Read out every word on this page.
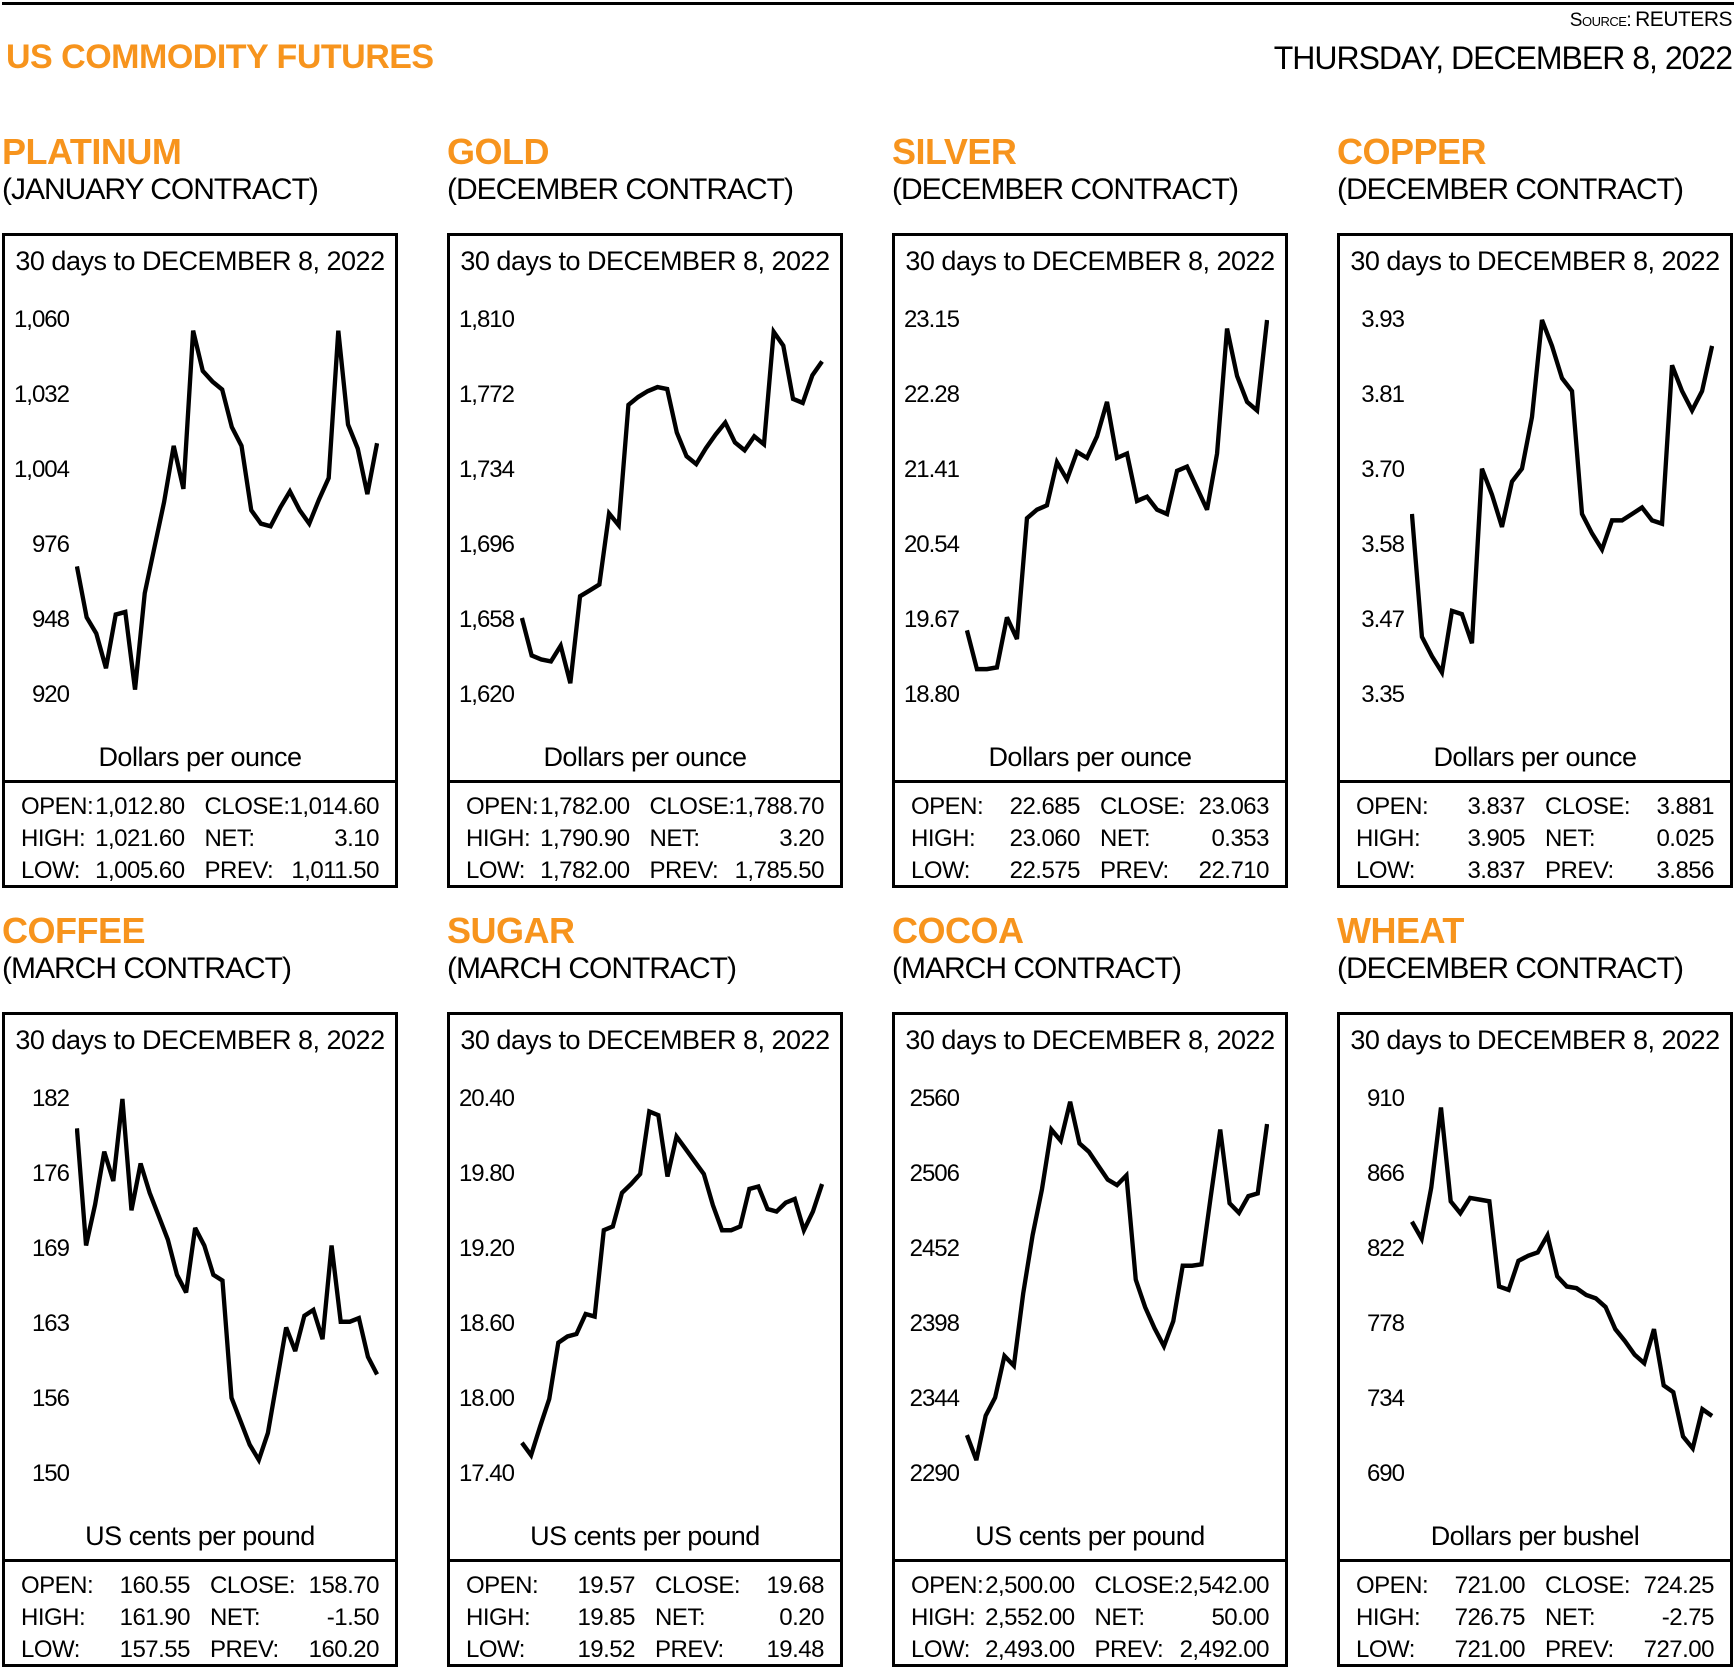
Source: REUTERS
US COMMODITY FUTURES	THURSDAY, DECEMBER 8, 2022
PLATINUM
(JANUARY CONTRACT)
30 days to DECEMBER 8, 2022
1,060
1,032
1,004
976
948
920
Dollars per ounce
OPEN: 1,012.80 CLOSE: 1,014.60
HIGH: 1,021.60 NET:	3.10
LOW: 1,005.60 PREV: 1,011.50
GOLD
(DECEMBER CONTRACT)
30 days to DECEMBER 8, 2022
1,810
1,772
1,734
1,696
1,658
1,620
Dollars per ounce
OPEN: 1,782.00 CLOSE: 1,788.70
HIGH: 1,790.90 NET:	3.20
LOW: 1,782.00 PREV: 1,785.50
SILVER
(DECEMBER CONTRACT)
30 days to DECEMBER 8, 2022
23.15
22.28
21.41
20.54
19.67
18.80
Dollars per ounce
OPEN: 22.685 CLOSE: 23.063
HIGH: 23.060 NET:	0.353
LOW: 22.575 PREV: 22.710
COPPER
(DECEMBER CONTRACT)
30 days to DECEMBER 8, 2022
3.93
3.81
3.70
3.58
3.47
3.35
Dollars per ounce
OPEN: 3.837 CLOSE: 3.881
HIGH: 3.905 NET:	0.025
LOW: 3.837 PREV: 3.856
COFFEE
(MARCH CONTRACT)
30 days to DECEMBER 8, 2022
182
176
169
163
156
150
US cents per pound
OPEN: 160.55 CLOSE: 158.70
HIGH: 161.90 NET:	-1.50
LOW: 157.55 PREV: 160.20
SUGAR
(MARCH CONTRACT)
30 days to DECEMBER 8, 2022
20.40
19.80
19.20
18.60
18.00
17.40
US cents per pound
OPEN: 19.57 CLOSE: 19.68
HIGH: 19.85 NET:	0.20
LOW: 19.52 PREV: 19.48
COCOA
(MARCH CONTRACT)
30 days to DECEMBER 8, 2022
2560
2506
2452
2398
2344
2290
US cents per pound
OPEN: 2,500.00 CLOSE: 2,542.00
HIGH: 2,552.00 NET:	50.00
LOW: 2,493.00 PREV: 2,492.00
WHEAT
(DECEMBER CONTRACT)
30 days to DECEMBER 8, 2022
910
866
822
778
734
690
Dollars per bushel
OPEN: 721.00 CLOSE: 724.25
HIGH: 726.75 NET:	-2.75
LOW: 721.00 PREV: 727.00
